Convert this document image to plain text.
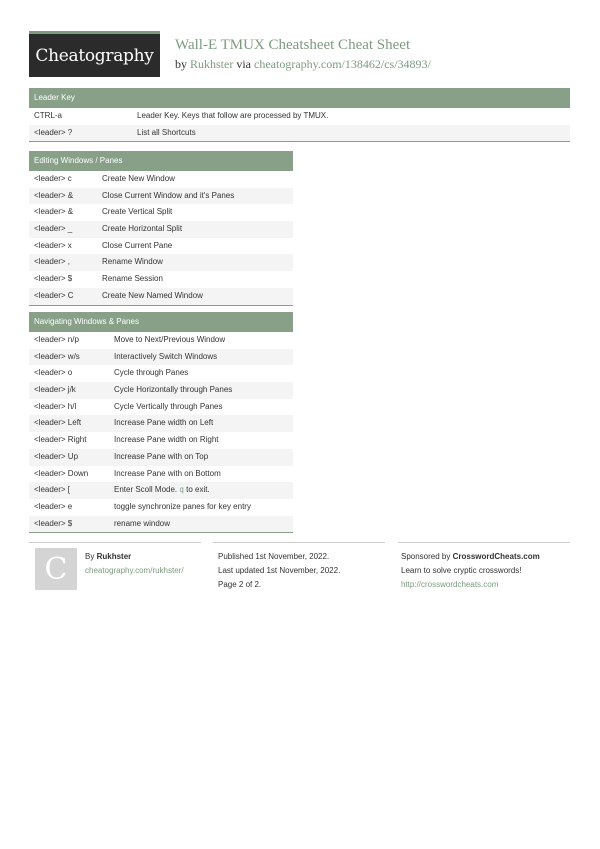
Cheatography
Wall-E TMUX Cheatsheet Cheat Sheet
by Rukhster via cheatography.com/138462/cs/34893/
Leader Key
CTRL-a	Leader Key. Keys that follow are processed by TMUX.
<leader> ?	List all Shortcuts
Editing Windows / Panes
<leader> c	Create New Window
<leader> &	Close Current Window and it's Panes
<leader> &	Create Vertical Split
<leader> _	Create Horizontal Split
<leader> x	Close Current Pane
<leader> ,	Rename Window
<leader> $	Rename Session
<leader> C	Create New Named Window
Navigating Windows & Panes
<leader> n/p	Move to Next/Previous Window
<leader> w/s	Interactively Switch Windows
<leader> o	Cycle through Panes
<leader> j/k	Cycle Horizontally through Panes
<leader> h/l	Cycle Vertically through Panes
<leader> Left	Increase Pane width on Left
<leader> Right	Increase Pane width on Right
<leader> Up	Increase Pane with on Top
<leader> Down	Increase Pane with on Bottom
<leader> [	Enter Scoll Mode. q to exit.
<leader> e	toggle synchronize panes for key entry
<leader> $	rename window
C By Rukhster
cheatography.com/rukhster/
Published 1st November, 2022.
Last updated 1st November, 2022.
Page 2 of 2.
Sponsored by CrosswordCheats.com
Learn to solve cryptic crosswords!
http://crosswordcheats.com
